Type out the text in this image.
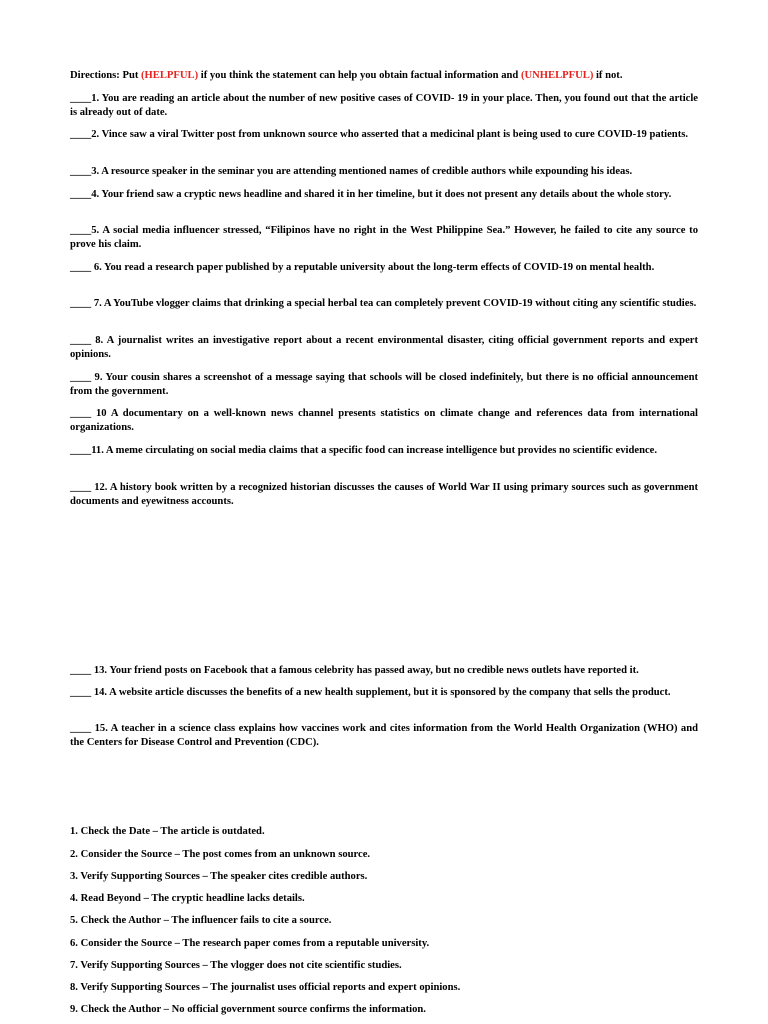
Directions: Put (HELPFUL) if you think the statement can help you obtain factual information and (UNHELPFUL) if not.

____1. You are reading an article about the number of new positive cases of COVID- 19 in your place. Then, you found out that the article is already out of date.

____2. Vince saw a viral Twitter post from unknown source who asserted that a medicinal plant is being used to cure COVID-19 patients.

____3. A resource speaker in the seminar you are attending mentioned names of credible authors while expounding his ideas.

____4. Your friend saw a cryptic news headline and shared it in her timeline, but it does not present any details about the whole story.

____5. A social media influencer stressed, “Filipinos have no right in the West Philippine Sea.” However, he failed to cite any source to prove his claim.

____ 6. You read a research paper published by a reputable university about the long-term effects of COVID-19 on mental health.

____ 7. A YouTube vlogger claims that drinking a special herbal tea can completely prevent COVID-19 without citing any scientific studies.

____ 8. A journalist writes an investigative report about a recent environmental disaster, citing official government reports and expert opinions.

____ 9. Your cousin shares a screenshot of a message saying that schools will be closed indefinitely, but there is no official announcement from the government.

____ 10 A documentary on a well-known news channel presents statistics on climate change and references data from international organizations.

____11. A meme circulating on social media claims that a specific food can increase intelligence but provides no scientific evidence.

____ 12. A history book written by a recognized historian discusses the causes of World War II using primary sources such as government documents and eyewitness accounts.

____ 13. Your friend posts on Facebook that a famous celebrity has passed away, but no credible news outlets have reported it.

____ 14. A website article discusses the benefits of a new health supplement, but it is sponsored by the company that sells the product.

____ 15. A teacher in a science class explains how vaccines work and cites information from the World Health Organization (WHO) and the Centers for Disease Control and Prevention (CDC).

1. Check the Date – The article is outdated.

2. Consider the Source – The post comes from an unknown source.

3. Verify Supporting Sources – The speaker cites credible authors.

4. Read Beyond – The cryptic headline lacks details.

5. Check the Author – The influencer fails to cite a source.

6. Consider the Source – The research paper comes from a reputable university.

7. Verify Supporting Sources – The vlogger does not cite scientific studies.

8. Verify Supporting Sources – The journalist uses official reports and expert opinions.

9. Check the Author – No official government source confirms the information.
